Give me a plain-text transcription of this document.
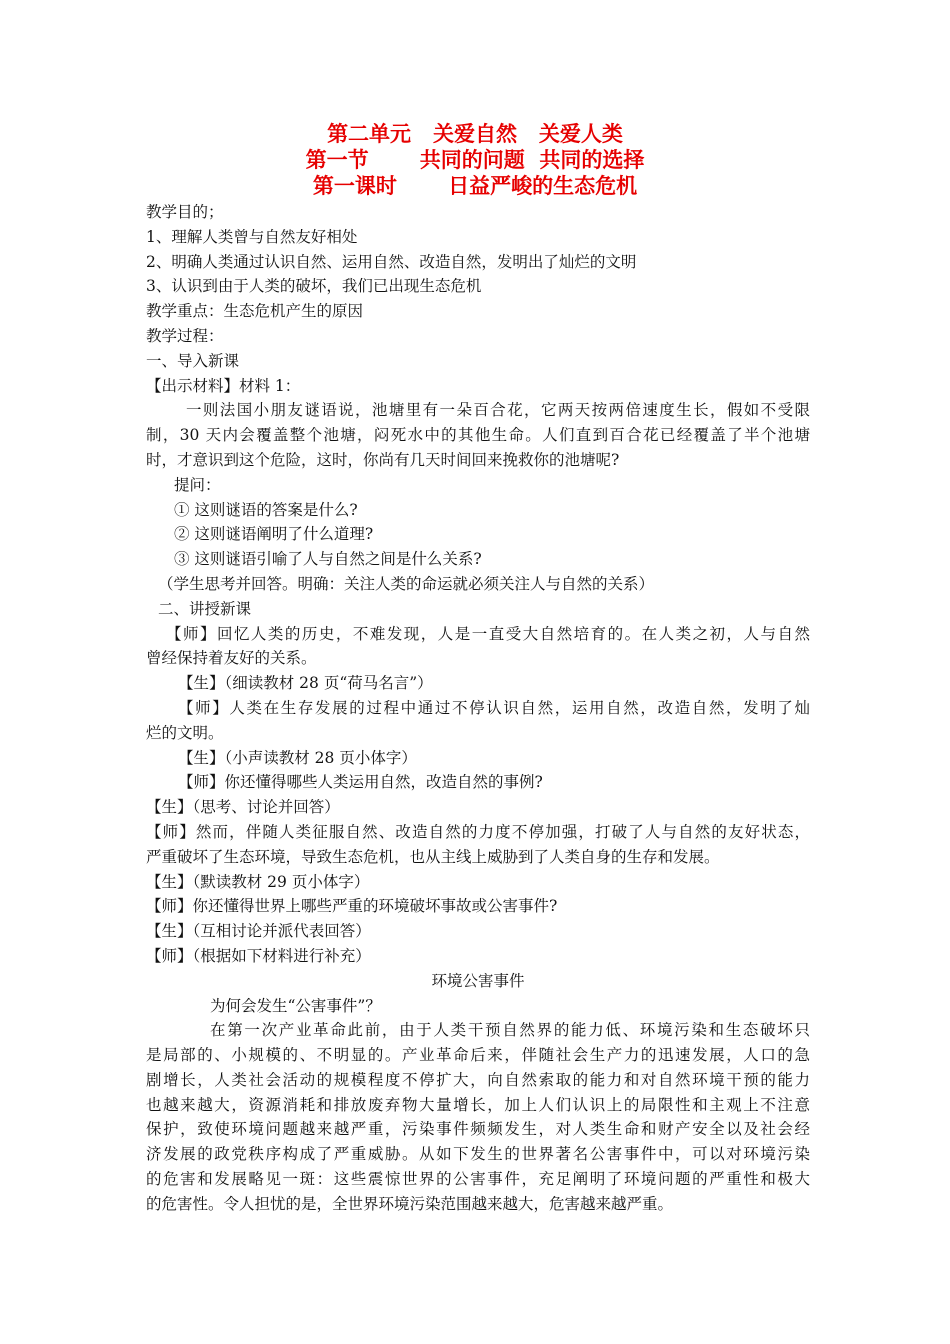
第二单元   关爱自然   关爱人类
第一节       共同的问题  共同的选择
第一课时       日益严峻的生态危机
教学目的；
1、理解人类曾与自然友好相处
2、明确人类通过认识自然、运用自然、改造自然，发明出了灿烂的文明
3、认识到由于人类的破坏，我们已出现生态危机
教学重点：生态危机产生的原因
教学过程：
一、导入新课
【出示材料】材料 1：
一则法国小朋友谜语说，池塘里有一朵百合花，它两天按两倍速度生长，假如不受限
制，30 天内会覆盖整个池塘，闷死水中的其他生命。人们直到百合花已经覆盖了半个池塘
时，才意识到这个危险，这时，你尚有几天时间回来挽救你的池塘呢?
提问：
① 这则谜语的答案是什么?
② 这则谜语阐明了什么道理?
③ 这则谜语引喻了人与自然之间是什么关系?
（学生思考并回答。明确：关注人类的命运就必须关注人与自然的关系）
二、讲授新课
【师】回忆人类的历史，不难发现，人是一直受大自然培育的。在人类之初，人与自然
曾经保持着友好的关系。
【生】（细读教材 28 页“荷马名言”）
【师】人类在生存发展的过程中通过不停认识自然，运用自然，改造自然，发明了灿
烂的文明。
【生】（小声读教材 28 页小体字）
【师】你还懂得哪些人类运用自然，改造自然的事例?
【生】（思考、讨论并回答）
【师】然而，伴随人类征服自然、改造自然的力度不停加强，打破了人与自然的友好状态，
严重破坏了生态环境，导致生态危机，也从主线上威胁到了人类自身的生存和发展。
【生】（默读教材 29 页小体字）
【师】你还懂得世界上哪些严重的环境破坏事故或公害事件?
【生】（互相讨论并派代表回答）
【师】（根据如下材料进行补充）
环境公害事件
为何会发生“公害事件”？
在第一次产业革命此前，由于人类干预自然界的能力低、环境污染和生态破坏只
是局部的、小规模的、不明显的。产业革命后来，伴随社会生产力的迅速发展，人口的急
剧增长，人类社会活动的规模程度不停扩大，向自然索取的能力和对自然环境干预的能力
也越来越大，资源消耗和排放废弃物大量增长，加上人们认识上的局限性和主观上不注意
保护，致使环境问题越来越严重，污染事件频频发生，对人类生命和财产安全以及社会经
济发展的政党秩序构成了严重威胁。从如下发生的世界著名公害事件中，可以对环境污染
的危害和发展略见一斑：这些震惊世界的公害事件，充足阐明了环境问题的严重性和极大
的危害性。令人担忧的是，全世界环境污染范围越来越大，危害越来越严重。
